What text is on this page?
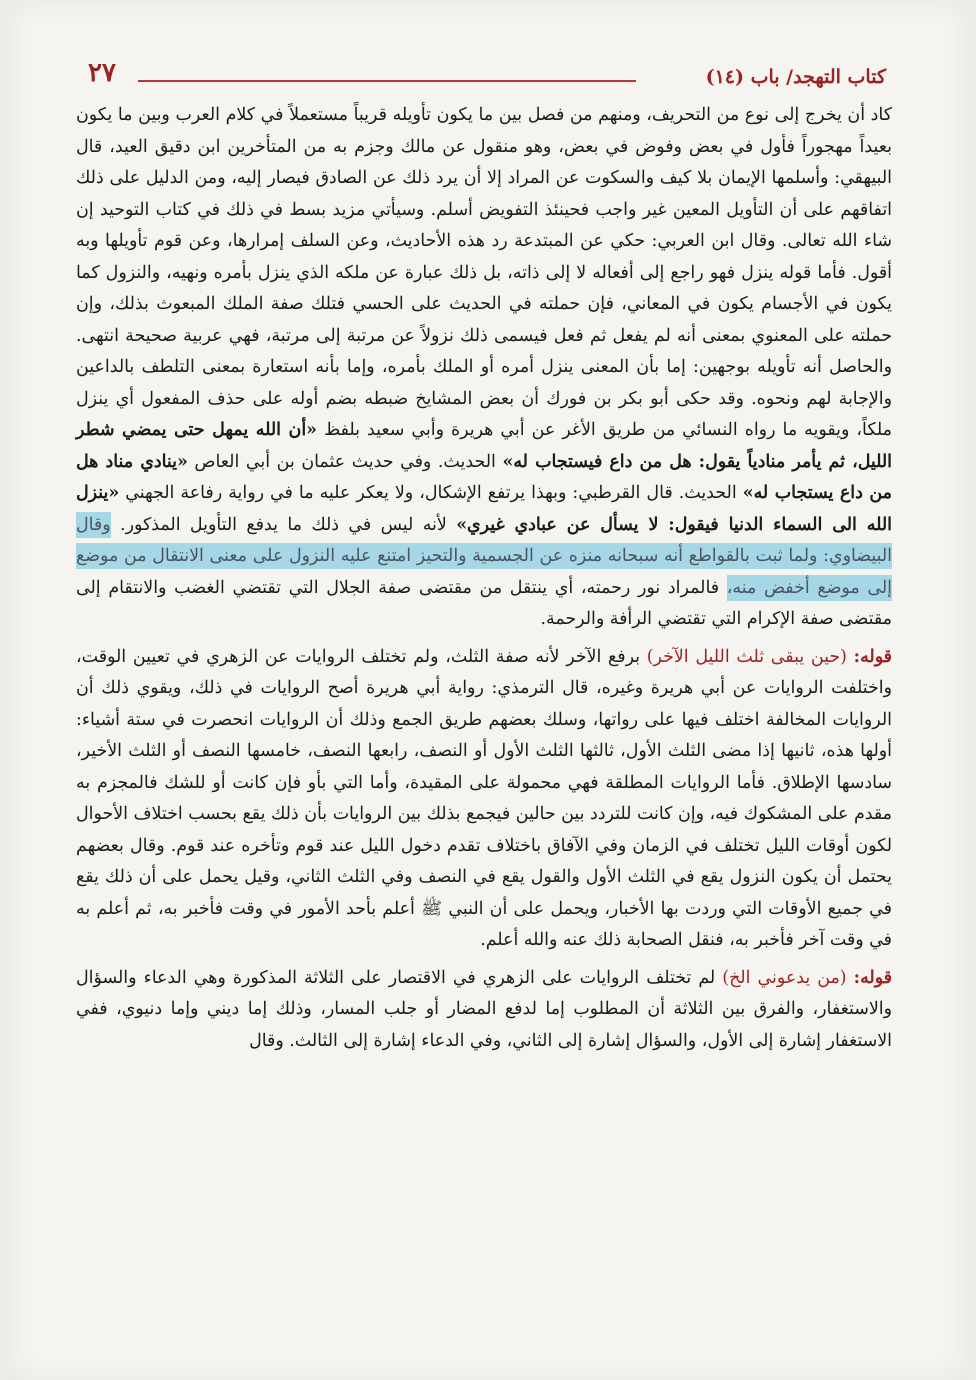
كتاب التهجد/ باب (١٤)
٢٧

كاد أن يخرج إلى نوع من التحريف، ومنهم من فصل بين ما يكون تأويله قريباً مستعملاً في كلام العرب وبين ما يكون بعيداً مهجوراً فأول في بعض وفوض في بعض، وهو منقول عن مالك وجزم به من المتأخرين ابن دقيق العيد، قال البيهقي: وأسلمها الإيمان بلا كيف والسكوت عن المراد إلا أن يرد ذلك عن الصادق فيصار إليه، ومن الدليل على ذلك اتفاقهم على أن التأويل المعين غير واجب فحينئذ التفويض أسلم. وسيأتي مزيد بسط في ذلك في كتاب التوحيد إن شاء الله تعالى. وقال ابن العربي: حكي عن المبتدعة رد هذه الأحاديث، وعن السلف إمرارها، وعن قوم تأويلها وبه أقول. فأما قوله ينزل فهو راجع إلى أفعاله لا إلى ذاته، بل ذلك عبارة عن ملكه الذي ينزل بأمره ونهيه، والنزول كما يكون في الأجسام يكون في المعاني، فإن حملته في الحديث على الحسي فتلك صفة الملك المبعوث بذلك، وإن حملته على المعنوي بمعنى أنه لم يفعل ثم فعل فيسمى ذلك نزولاً عن مرتبة إلى مرتبة، فهي عربية صحيحة انتهى. والحاصل أنه تأويله بوجهين: إما بأن المعنى ينزل أمره أو الملك بأمره، وإما بأنه استعارة بمعنى التلطف بالداعين والإجابة لهم ونحوه. وقد حكى أبو بكر بن فورك أن بعض المشايخ ضبطه بضم أوله على حذف المفعول أي ينزل ملكاً، ويقويه ما رواه النسائي من طريق الأغر عن أبي هريرة وأبي سعيد بلفظ «أن الله يمهل حتى يمضي شطر الليل، ثم يأمر منادياً يقول: هل من داع فيستجاب له» الحديث. وفي حديث عثمان بن أبي العاص «ينادي مناد هل من داع يستجاب له» الحديث. قال القرطبي: وبهذا يرتفع الإشكال، ولا يعكر عليه ما في رواية رفاعة الجهني «ينزل الله الى السماء الدنيا فيقول: لا يسأل عن عبادي غيري» لأنه ليس في ذلك ما يدفع التأويل المذكور. وقال البيضاوي: ولما ثبت بالقواطع أنه سبحانه منزه عن الجسمية والتحيز امتنع عليه النزول على معنى الانتقال من موضع إلى موضع أخفض منه، فالمراد نور رحمته، أي ينتقل من مقتضى صفة الجلال التي تقتضي الغضب والانتقام إلى مقتضى صفة الإكرام التي تقتضي الرأفة والرحمة.

قوله: (حين يبقى ثلث الليل الآخر) برفع الآخر لأنه صفة الثلث، ولم تختلف الروايات عن الزهري في تعيين الوقت، واختلفت الروايات عن أبي هريرة وغيره، قال الترمذي: رواية أبي هريرة أصح الروايات في ذلك، ويقوي ذلك أن الروايات المخالفة اختلف فيها على رواتها، وسلك بعضهم طريق الجمع وذلك أن الروايات انحصرت في ستة أشياء: أولها هذه، ثانيها إذا مضى الثلث الأول، ثالثها الثلث الأول أو النصف، رابعها النصف، خامسها النصف أو الثلث الأخير، سادسها الإطلاق. فأما الروايات المطلقة فهي محمولة على المقيدة، وأما التي بأو فإن كانت أو للشك فالمجزم به مقدم على المشكوك فيه، وإن كانت للتردد بين حالين فيجمع بذلك بين الروايات بأن ذلك يقع بحسب اختلاف الأحوال لكون أوقات الليل تختلف في الزمان وفي الآفاق باختلاف تقدم دخول الليل عند قوم وتأخره عند قوم. وقال بعضهم يحتمل أن يكون النزول يقع في الثلث الأول والقول يقع في النصف وفي الثلث الثاني، وقيل يحمل على أن ذلك يقع في جميع الأوقات التي وردت بها الأخبار، ويحمل على أن النبي ﷺ أعلم بأحد الأمور في وقت فأخبر به، ثم أعلم به في وقت آخر فأخبر به، فنقل الصحابة ذلك عنه والله أعلم.

قوله: (من يدعوني الخ) لم تختلف الروايات على الزهري في الاقتصار على الثلاثة المذكورة وهي الدعاء والسؤال والاستغفار، والفرق بين الثلاثة أن المطلوب إما لدفع المضار أو جلب المسار، وذلك إما ديني وإما دنيوي، ففي الاستغفار إشارة إلى الأول، والسؤال إشارة إلى الثاني، وفي الدعاء إشارة إلى الثالث. وقال
